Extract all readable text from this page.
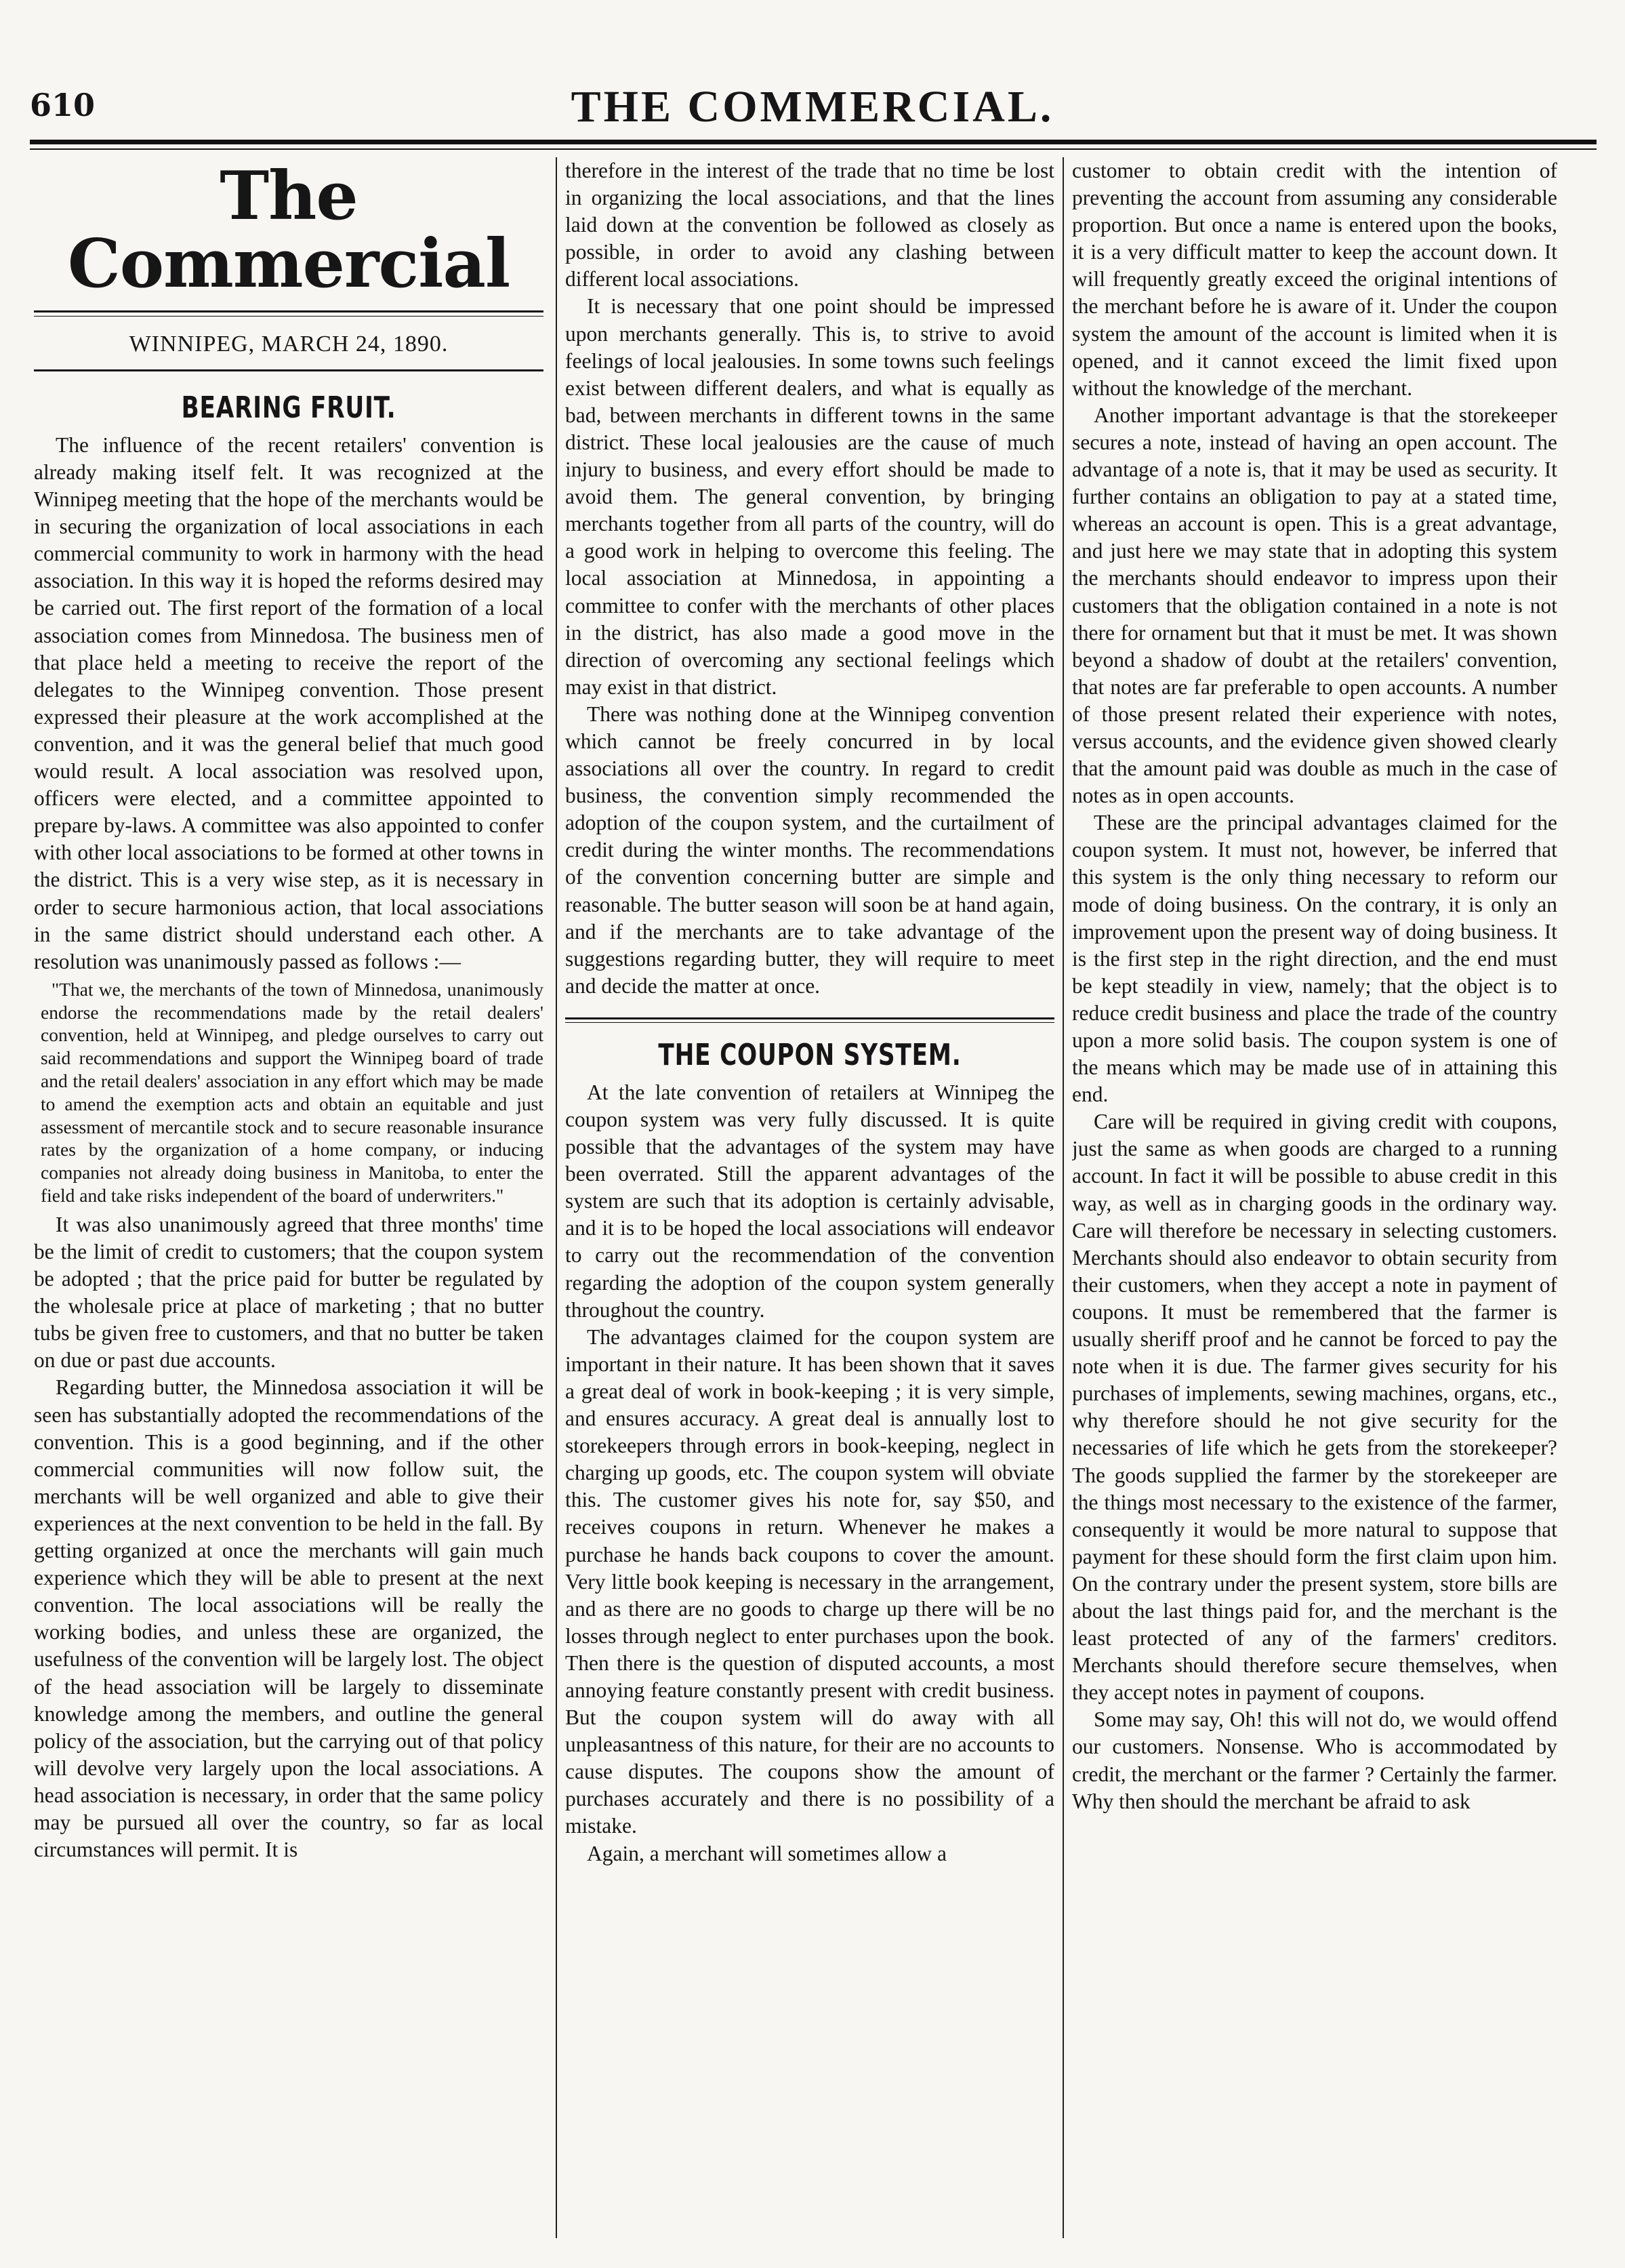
610	THE COMMERCIAL.
The Commercial
WINNIPEG, MARCH 24, 1890.
BEARING FRUIT.

The influence of the recent retailers' convention is already making itself felt. It was recognized at the Winnipeg meeting that the hope of the merchants would be in securing the organization of local associations in each commercial community to work in harmony with the head association. In this way it is hoped the reforms desired may be carried out. The first report of the formation of a local association comes from Minnedosa. The business men of that place held a meeting to receive the report of the delegates to the Winnipeg convention. Those present expressed their pleasure at the work accomplished at the convention, and it was the general belief that much good would result. A local association was resolved upon, officers were elected, and a committee appointed to prepare by-laws. A committee was also appointed to confer with other local associations to be formed at other towns in the district. This is a very wise step, as it is necessary in order to secure harmonious action, that local associations in the same district should understand each other. A resolution was unanimously passed as follows :—

"That we, the merchants of the town of Minnedosa, unanimously endorse the recommendations made by the retail dealers' convention, held at Winnipeg, and pledge ourselves to carry out said recommendations and support the Winnipeg board of trade and the retail dealers' association in any effort which may be made to amend the exemption acts and obtain an equitable and just assessment of mercantile stock and to secure reasonable insurance rates by the organization of a home company, or inducing companies not already doing business in Manitoba, to enter the field and take risks independent of the board of underwriters."

It was also unanimously agreed that three months' time be the limit of credit to customers; that the coupon system be adopted ; that the price paid for butter be regulated by the wholesale price at place of marketing ; that no butter tubs be given free to customers, and that no butter be taken on due or past due accounts.

Regarding butter, the Minnedosa association it will be seen has substantially adopted the recommendations of the convention. This is a good beginning, and if the other commercial communities will now follow suit, the merchants will be well organized and able to give their experiences at the next convention to be held in the fall. By getting organized at once the merchants will gain much experience which they will be able to present at the next convention. The local associations will be really the working bodies, and unless these are organized, the usefulness of the convention will be largely lost. The object of the head association will be largely to disseminate knowledge among the members, and outline the general policy of the association, but the carrying out of that policy will devolve very largely upon the local associations. A head association is necessary, in order that the same policy may be pursued all over the country, so far as local circumstances will permit. It is

therefore in the interest of the trade that no time be lost in organizing the local associations, and that the lines laid down at the convention be followed as closely as possible, in order to avoid any clashing between different local associations.

It is necessary that one point should be impressed upon merchants generally. This is, to strive to avoid feelings of local jealousies. In some towns such feelings exist between different dealers, and what is equally as bad, between merchants in different towns in the same district. These local jealousies are the cause of much injury to business, and every effort should be made to avoid them. The general convention, by bringing merchants together from all parts of the country, will do a good work in helping to overcome this feeling. The local association at Minnedosa, in appointing a committee to confer with the merchants of other places in the district, has also made a good move in the direction of overcoming any sectional feelings which may exist in that district.

There was nothing done at the Winnipeg convention which cannot be freely concurred in by local associations all over the country. In regard to credit business, the convention simply recommended the adoption of the coupon system, and the curtailment of credit during the winter months. The recommendations of the convention concerning butter are simple and reasonable. The butter season will soon be at hand again, and if the merchants are to take advantage of the suggestions regarding butter, they will require to meet and decide the matter at once.

THE COUPON SYSTEM.

At the late convention of retailers at Winnipeg the coupon system was very fully discussed. It is quite possible that the advantages of the system may have been overrated. Still the apparent advantages of the system are such that its adoption is certainly advisable, and it is to be hoped the local associations will endeavor to carry out the recommendation of the convention regarding the adoption of the coupon system generally throughout the country.

The advantages claimed for the coupon system are important in their nature. It has been shown that it saves a great deal of work in book-keeping ; it is very simple, and ensures accuracy. A great deal is annually lost to storekeepers through errors in book-keeping, neglect in charging up goods, etc. The coupon system will obviate this. The customer gives his note for, say $50, and receives coupons in return. Whenever he makes a purchase he hands back coupons to cover the amount. Very little book keeping is necessary in the arrangement, and as there are no goods to charge up there will be no losses through neglect to enter purchases upon the book. Then there is the question of disputed accounts, a most annoying feature constantly present with credit business. But the coupon system will do away with all unpleasantness of this nature, for their are no accounts to cause disputes. The coupons show the amount of purchases accurately and there is no possibility of a mistake.

Again, a merchant will sometimes allow a

customer to obtain credit with the intention of preventing the account from assuming any considerable proportion. But once a name is entered upon the books, it is a very difficult matter to keep the account down. It will frequently greatly exceed the original intentions of the merchant before he is aware of it. Under the coupon system the amount of the account is limited when it is opened, and it cannot exceed the limit fixed upon without the knowledge of the merchant.

Another important advantage is that the storekeeper secures a note, instead of having an open account. The advantage of a note is, that it may be used as security. It further contains an obligation to pay at a stated time, whereas an account is open. This is a great advantage, and just here we may state that in adopting this system the merchants should endeavor to impress upon their customers that the obligation contained in a note is not there for ornament but that it must be met. It was shown beyond a shadow of doubt at the retailers' convention, that notes are far preferable to open accounts. A number of those present related their experience with notes, versus accounts, and the evidence given showed clearly that the amount paid was double as much in the case of notes as in open accounts.

These are the principal advantages claimed for the coupon system. It must not, however, be inferred that this system is the only thing necessary to reform our mode of doing business. On the contrary, it is only an improvement upon the present way of doing business. It is the first step in the right direction, and the end must be kept steadily in view, namely; that the object is to reduce credit business and place the trade of the country upon a more solid basis. The coupon system is one of the means which may be made use of in attaining this end.

Care will be required in giving credit with coupons, just the same as when goods are charged to a running account. In fact it will be possible to abuse credit in this way, as well as in charging goods in the ordinary way. Care will therefore be necessary in selecting customers. Merchants should also endeavor to obtain security from their customers, when they accept a note in payment of coupons. It must be remembered that the farmer is usually sheriff proof and he cannot be forced to pay the note when it is due. The farmer gives security for his purchases of implements, sewing machines, organs, etc., why therefore should he not give security for the necessaries of life which he gets from the storekeeper? The goods supplied the farmer by the storekeeper are the things most necessary to the existence of the farmer, consequently it would be more natural to suppose that payment for these should form the first claim upon him. On the contrary under the present system, store bills are about the last things paid for, and the merchant is the least protected of any of the farmers' creditors. Merchants should therefore secure themselves, when they accept notes in payment of coupons.

Some may say, Oh! this will not do, we would offend our customers. Nonsense. Who is accommodated by credit, the merchant or the farmer ? Certainly the farmer. Why then should the merchant be afraid to ask
